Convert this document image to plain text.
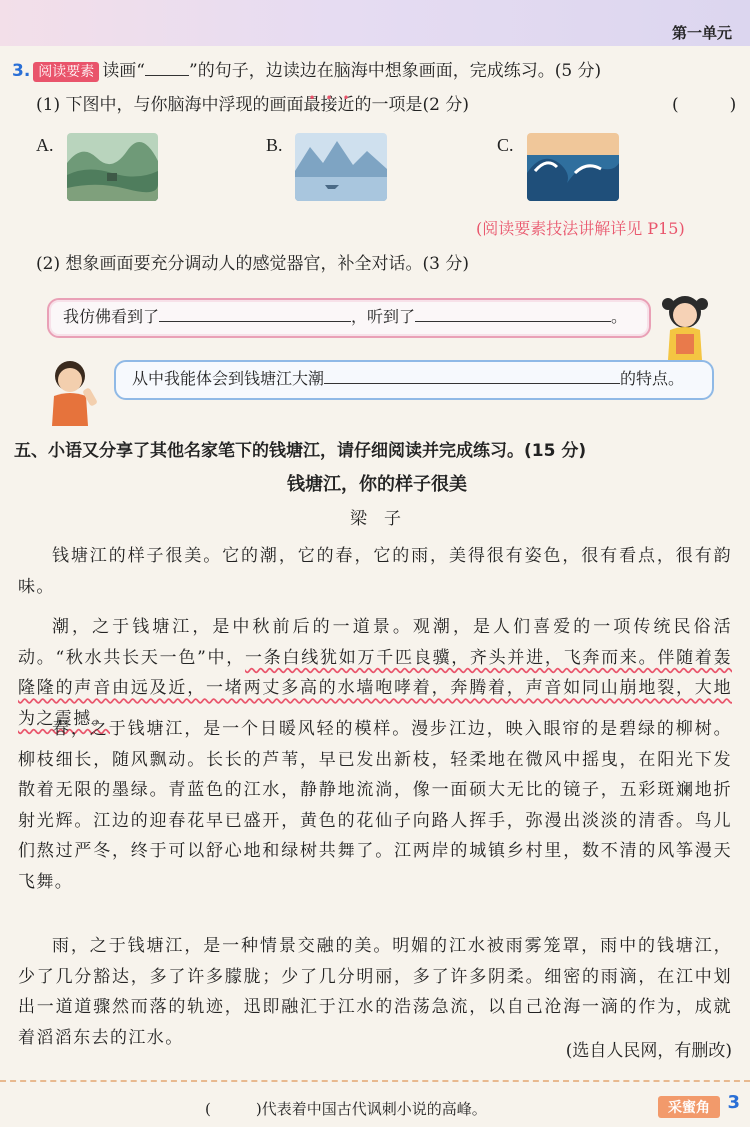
第一单元
3. 阅读要素 读画“	”的句子，边读边在脑海中想象画面，完成练习。(5 分)
(1) 下图中，与你脑海中浮现的画面最接近的一项是(2 分)	(　　　)
A.	B.	C.
(阅读要素技法讲解详见 P15)
(2) 想象画面要充分调动人的感觉器官，补全对话。(3 分)
我仿佛看到了	，听到了	。
从中我能体会到钱塘江大潮	的特点。
五、小语又分享了其他名家笔下的钱塘江，请仔细阅读并完成练习。(15 分)
钱塘江，你的样子很美
梁　子
钱塘江的样子很美。它的潮，它的春，它的雨，美得很有姿色，很有看点，很有韵味。
潮，之于钱塘江，是中秋前后的一道景。观潮，是人们喜爱的一项传统民俗活动。“秋水共长天一色”中，一条白线犹如万千匹良骥，齐头并进，飞奔而来。伴随着轰隆隆的声音由远及近，一堵两丈多高的水墙咆哮着，奔腾着，声音如同山崩地裂，大地为之震撼。
春，之于钱塘江，是一个日暖风轻的模样。漫步江边，映入眼帘的是碧绿的柳树。柳枝细长，随风飘动。长长的芦苇，早已发出新枝，轻柔地在微风中摇曳，在阳光下发散着无限的墨绿。青蓝色的江水，静静地流淌，像一面硕大无比的镜子，五彩斑斓地折射光辉。江边的迎春花早已盛开，黄色的花仙子向路人挥手，弥漫出淡淡的清香。鸟儿们熬过严冬，终于可以舒心地和绿树共舞了。江两岸的城镇乡村里，数不清的风筝漫天飞舞。
雨，之于钱塘江，是一种情景交融的美。明媚的江水被雨雾笼罩，雨中的钱塘江，少了几分豁达，多了许多朦胧；少了几分明丽，多了许多阴柔。细密的雨滴，在江中划出一道道骤然而落的轨迹，迅即融汇于江水的浩荡急流，以自己沧海一滴的作为，成就着滔滔东去的江水。
(选自人民网，有删改)
(　　　)代表着中国古代讽刺小说的高峰。	采蜜角 3
